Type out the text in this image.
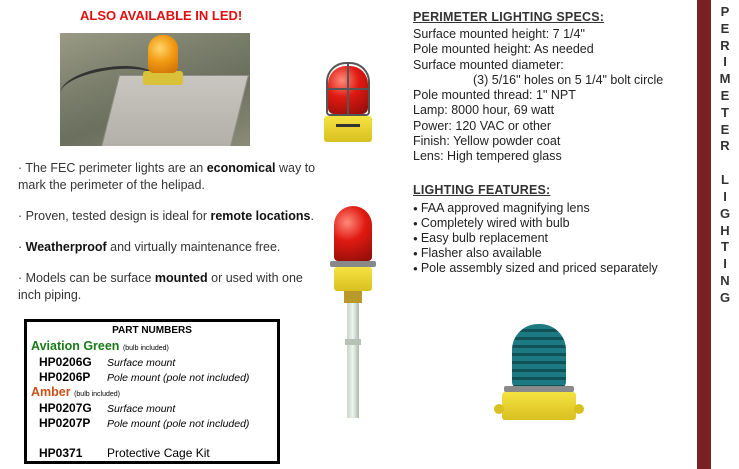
ALSO AVAILABLE IN LED!

· The FEC perimeter lights are an economical way to mark the perimeter of the helipad.

· Proven, tested design is ideal for remote locations.

· Weatherproof and virtually maintenance free.

· Models can be surface mounted or used with one inch piping.

PART NUMBERS
Aviation Green (bulb included)
HP0206G Surface mount
HP0206P Pole mount (pole not included)
Amber (bulb included)
HP0207G Surface mount
HP0207P Pole mount (pole not included)
HP0371 Protective Cage Kit
PERIMETER LIGHTING SPECS:
Surface mounted height: 7 1/4"
Pole mounted height: As needed
Surface mounted diameter:
(3) 5/16" holes on 5 1/4" bolt circle
Pole mounted thread: 1" NPT
Lamp: 8000 hour, 69 watt
Power: 120 VAC or other
Finish: Yellow powder coat
Lens: High tempered glass
LIGHTING FEATURES:
● FAA approved magnifying lens
● Completely wired with bulb
● Easy bulb replacement
● Flasher also available
● Pole assembly sized and priced separately
P
E
R
I
M
E
T
E
R
L
I
G
H
T
I
N
G
